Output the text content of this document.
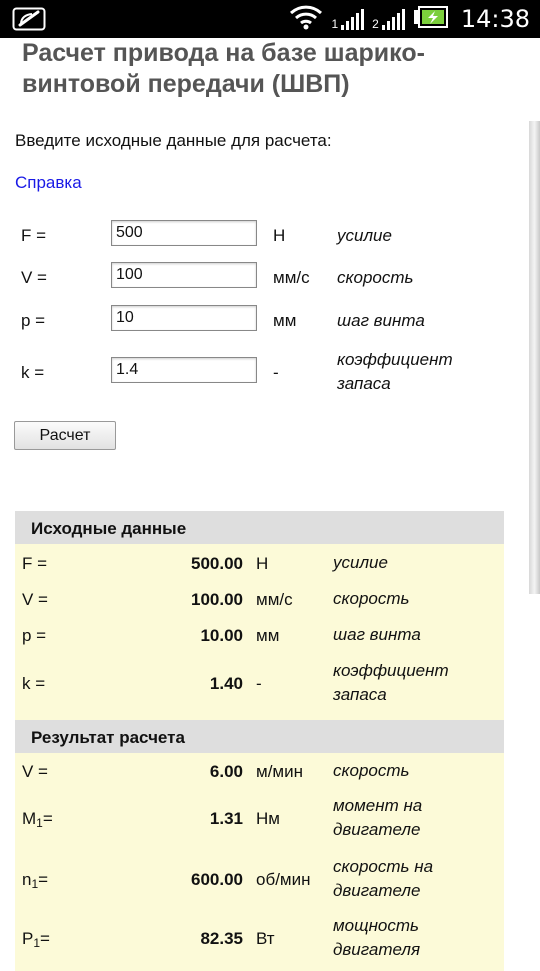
1	2	14:38
Расчет привода на базе шарико-винтовой передачи (ШВП)
Введите исходные данные для расчета:
Справка
F =
500	Н	усилие
V =
100	мм/с скорость
p =
10	мм шаг винта
k =
1.4	-
коэффициент запаса
Расчет
Исходные данные
F =	500.00 Н	усилие
V =	100.00 мм/с скорость
p =	10.00 мм	шаг винта
k =	1.40 -
коэффициент запаса
Результат расчета
V =	6.00 м/мин скорость
$M_1=$	1.31 Нм
момент на двигателе
$n_1=$	600.00 об/мин
скорость на двигателе
$P_1=$	82.35 Вт
мощность двигателя
